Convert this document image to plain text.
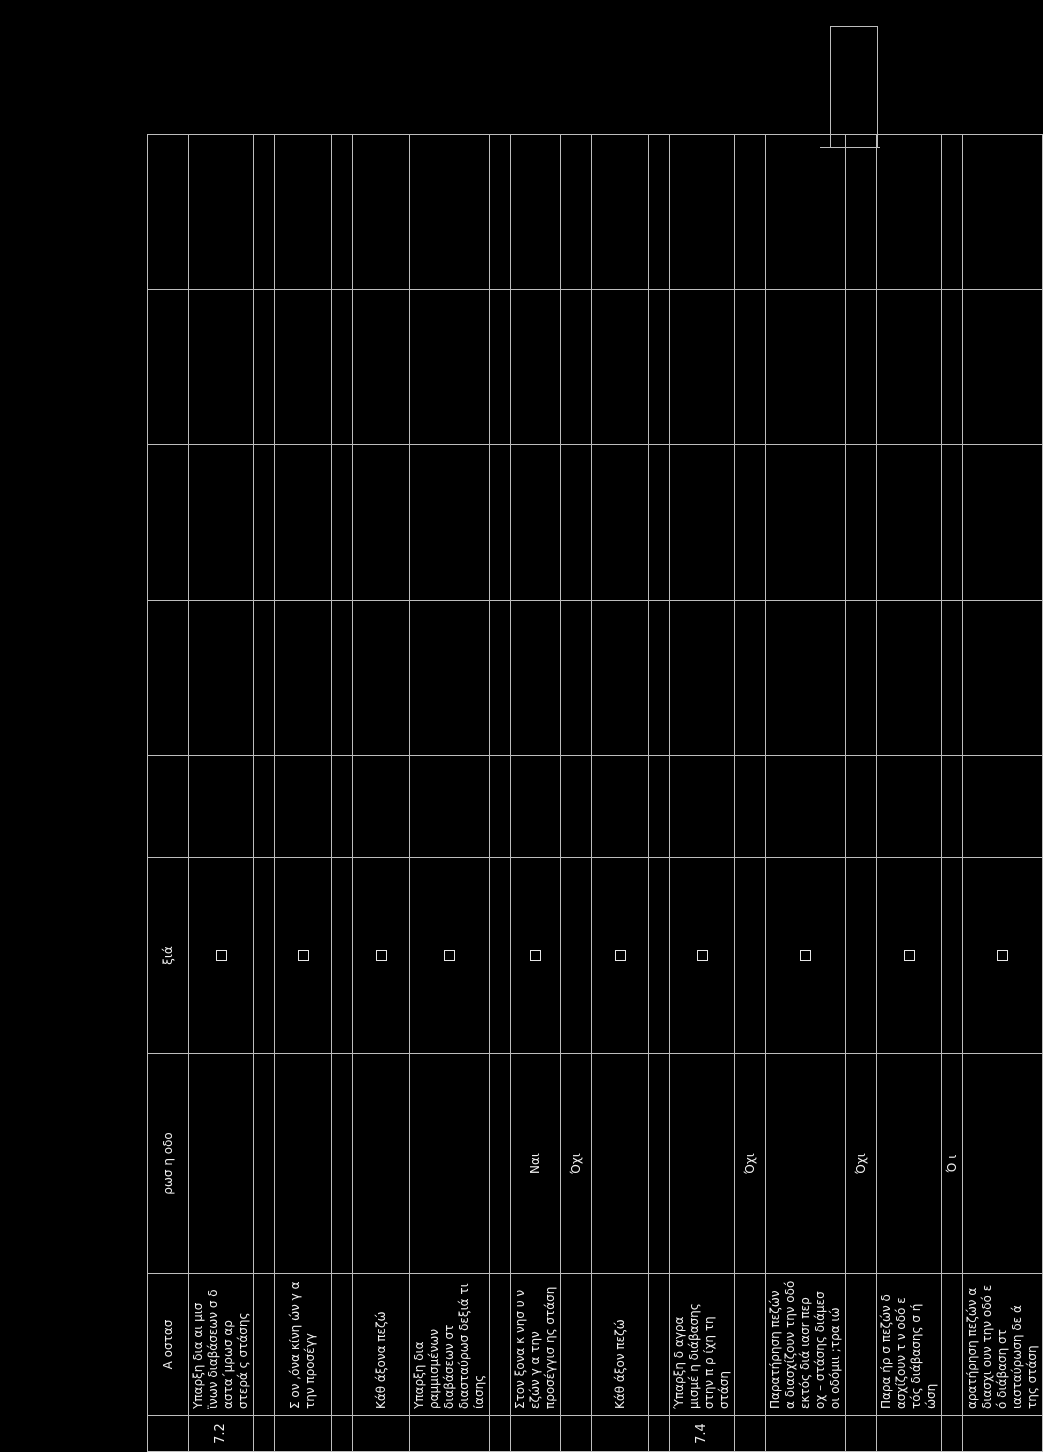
	Α οστασ	ρωσ η οδο	ξιά					
7.2	Υπαρξη δια αι μισ ϊνων διαβάσεων σ δ αστα΄μρωσ αρ στερά ς στάσης							

	Σ ον ,όνα κίνη ών γ α την προσέγγ							

	Κάθ άξονα πεζώ							
	Υπαρξη δια ραμμισμένων διαβάσεων στ διασταύρωσ δεξιά τι ίασης							

	Στον ξονα κ νησ υ ν εζών γ α την προσέγγισ ης στάση	Ναι						
		Όχι						
	Κάθ άξον πεζώ							

7.4	Ύπαρξη δ αγρα μισμέ η διάβασης στην π ρ ίχη τη στάση							
		Όχι						
	Παρατήρηση πεζών α διασχίζουν την οδό εκτός διά ιασr περ οχ – στάσης διάμεσ οι οδόμιι ;τρα ιώ							
		Όχι						
	Παρα ήρ σ πεζών δ ασχίζουν τ ν οδό ε τός διάβασης σ ή ώση							
		Ό ι						
	αρατήρηση πεζών α διασχι ουν την οδό ε ό διάβαση στ ιασταύρωση δε ά της στάση							
